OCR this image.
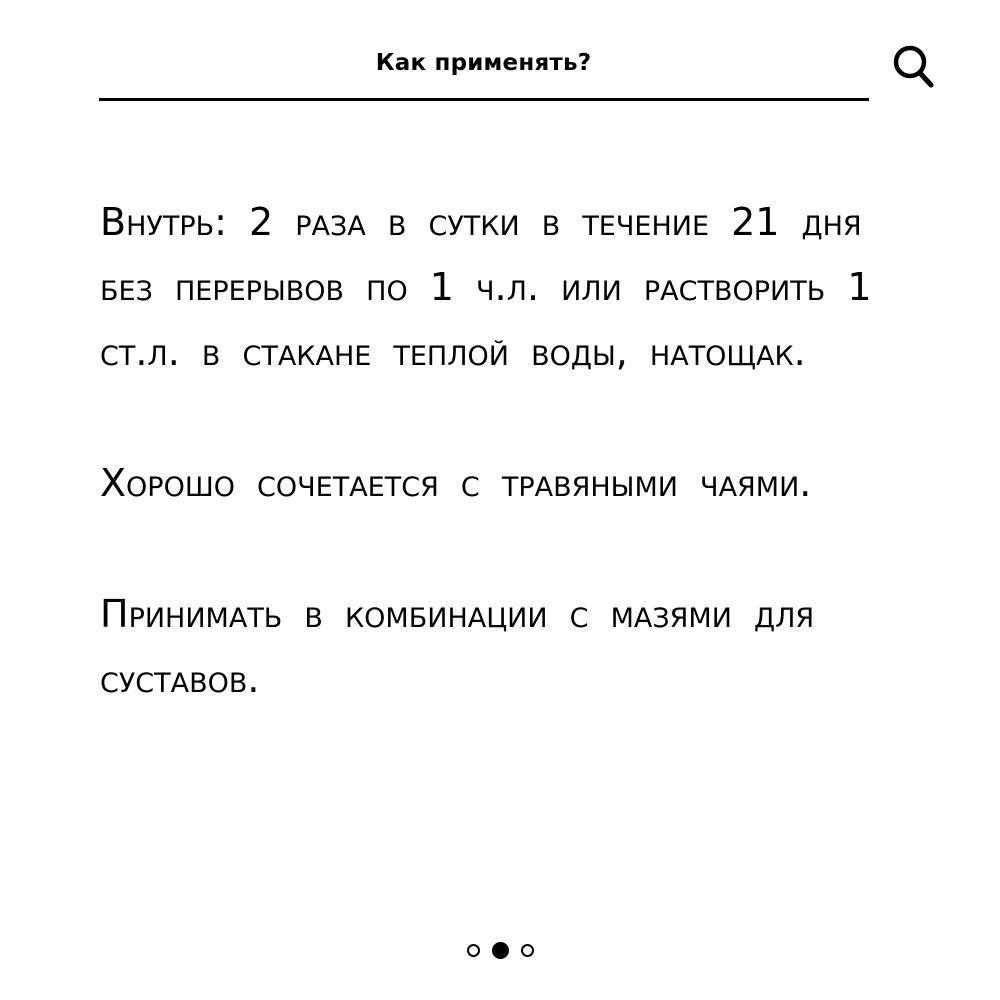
Как применять?

Внутрь: 2 раза в сутки в течение 21 дня без перерывов по 1 ч.л. или растворить 1 ст.л. в стакане теплой воды, натощак.

Хорошо сочетается с травяными чаями.

Принимать в комбинации с мазями для суставов.
